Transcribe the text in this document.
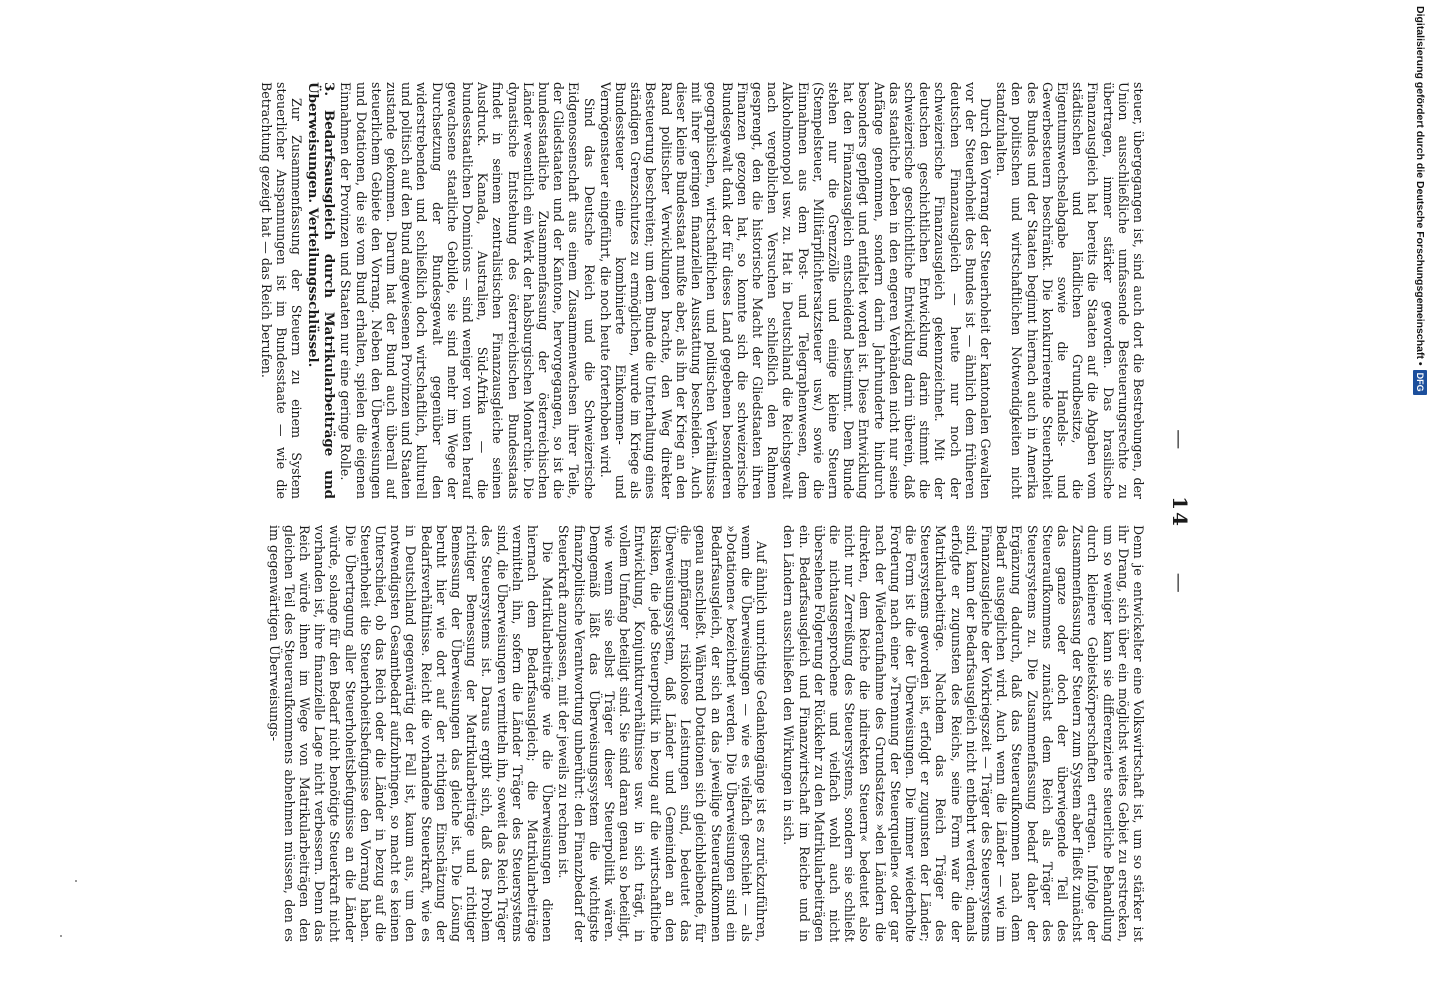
—     14     —

steuer, übergegangen ist, sind auch dort die Bestrebungen, der Union ausschließliche umfassende Besteuerungsrechte zu übertragen, immer stärker geworden. Das brasilische Finanzausgleich hat bereits die Staaten auf die Abgaben vom städtischen und ländlichen Grundbesitze, die Eigentumswechselabgabe sowie die Handels- und Gewerbesteuern beschränkt. Die konkurrierende Steuerhoheit des Bundes und der Staaten beginnt hiernach auch in Amerika den politischen und wirtschaftlichen Notwendigkeiten nicht standzuhalten.

Durch den Vorrang der Steuerhoheit der kantonalen Gewalten vor der Steuerhoheit des Bundes ist — ähnlich dem früheren deutschen Finanzausgleich — heute nur noch der schweizerische Finanzausgleich gekennzeichnet. Mit der deutschen geschichtlichen Entwicklung darin stimmt die schweizerische geschichtliche Entwicklung darin überein, daß das staatliche Leben in den engeren Verbänden nicht nur seine Anfänge genommen, sondern darin Jahrhunderte hindurch besonders gepflegt und entfaltet worden ist. Diese Entwicklung hat den Finanzausgleich entscheidend bestimmt. Dem Bunde stehen nur die Grenzzölle und einige kleine Steuern (Stempelsteuer, Militärpflichtersatzsteuer usw.) sowie die Einnahmen aus dem Post- und Telegraphenwesen, dem Alkoholmonopol usw. zu. Hat in Deutschland die Reichsgewalt nach vergeblichen Versuchen schließlich den Rahmen gesprengt, den die historische Macht der Gliedstaaten ihren Finanzen gezogen hat, so konnte sich die schweizerische Bundesgewalt dank der für dieses Land gegebenen besonderen geographischen, wirtschaftlichen und politischen Verhältnisse mit ihrer geringen finanziellen Ausstattung bescheiden. Auch dieser kleine Bundesstaat mußte aber, als ihn der Krieg an den Rand politischer Verwicklungen brachte, den Weg direkter Besteuerung beschreiten; um dem Bunde die Unterhaltung eines ständigen Grenzschutzes zu ermöglichen, wurde im Kriege als Bundessteuer eine kombinierte Einkommen- und Vermögensteuer eingeführt, die noch heute forterhoben wird.

Sind das Deutsche Reich und die Schweizerische Eidgenossenschaft aus einem Zusammenwachsen ihrer Teile, der Gliedstaaten und der Kantone, hervorgegangen, so ist die bundesstaatliche Zusammenfassung der österreichischen Länder wesentlich ein Werk der habsburgischen Monarchie. Die dynastische Entstehung des österreichischen Bundesstaats findet in seinem zentralistischen Finanzausgleiche seinen Ausdruck. Kanada, Australien, Süd-Afrika — die bundesstaatlichen Dominions — sind weniger von unten herauf gewachsene staatliche Gebilde, sie sind mehr im Wege der Durchsetzung der Bundesgewalt gegenüber den widerstrebenden und schließlich doch wirtschaftlich, kulturell und politisch auf den Bund angewiesenen Provinzen und Staaten zustande gekommen. Darum hat der Bund auch überall auf steuerlichem Gebiete den Vorrang. Neben den Überweisungen und Dotationen, die sie vom Bund erhalten, spielen die eigenen Einnahmen der Provinzen und Staaten nur eine geringe Rolle.

3. Bedarfsausgleich durch Matrikularbeiträge und Überweisungen. Verteilungsschlüssel.

Zur Zusammenfassung der Steuern zu einem System steuerlicher Anspannungen ist im Bundesstaate — wie die Betrachtung gezeigt hat — das Reich berufen.

Denn je entwickelter eine Volkswirtschaft ist, um so stärker ist ihr Drang, sich über ein möglichst weites Gebiet zu erstrecken, um so weniger kann sie differenzierte steuerliche Behandlung durch kleinere Gebietskörperschaften ertragen. Infolge der Zusammenfassung der Steuern zum System aber fließt zunächst das ganze oder doch der überwiegende Teil des Steueraufkommens zunächst dem Reich als Träger des Steuersystems zu. Die Zusammenfassung bedarf daher der Ergänzung dadurch, daß das Steueraufkommen nach dem Bedarf ausgeglichen wird. Auch wenn die Länder — wie im Finanzausgleiche der Vorkriegszeit — Träger des Steuersystems sind, kann der Bedarfsausgleich nicht entbehrt werden; damals erfolgte er zugunsten des Reichs, seine Form war die der Matrikularbeiträge. Nachdem das Reich Träger des Steuersystems geworden ist, erfolgt er zugunsten der Länder; die Form ist die der Überweisungen. Die immer wiederholte Forderung nach einer »Trennung der Steuerquellen« oder gar nach der Wiederaufnahme des Grundsatzes »den Ländern die direkten, dem Reiche die indirekten Steuern« bedeutet also nicht nur Zerreißung des Steuersystems, sondern sie schließt die nichtausgesprochene und vielfach wohl auch nicht übersehene Folgerung der Rückkehr zu den Matrikularbeiträgen ein. Bedarfsausgleich und Finanzwirtschaft im Reiche und in den Ländern ausschließen den Wirkungen in sich.

Auf ähnlich unrichtige Gedankengänge ist es zurückzuführen, wenn die Überweisungen — wie es vielfach geschieht — als »Dotationen« bezeichnet werden. Die Überweisungen sind ein Bedarfsausgleich, der sich an das jeweilige Steueraufkommen genau anschließt. Während Dotationen sich gleichbleibende, für die Empfänger risikolose Leistungen sind, bedeutet das Überweisungssystem, daß Länder und Gemeinden an den Risiken, die jede Steuerpolitik in bezug auf die wirtschaftliche Entwicklung, Konjunkturverhältnisse usw. in sich trägt, in vollem Umfang beteiligt sind. Sie sind daran genau so beteiligt, wie wenn sie selbst Träger dieser Steuerpolitik wären. Demgemäß läßt das Überweisungssystem die wichtigste finanzpolitische Verantwortung unberührt: den Finanzbedarf der Steuerkraft anzupassen, mit der jeweils zu rechnen ist.

Die Matrikularbeiträge wie die Überweisungen dienen hiernach dem Bedarfsausgleich; die Matrikularbeiträge vermitteln ihn, sofern die Länder Träger des Steuersystems sind, die Überweisungen vermitteln ihn, soweit das Reich Träger des Steuersystems ist. Daraus ergibt sich, daß das Problem richtiger Bemessung der Matrikularbeiträge und richtiger Bemessung der Überweisungen das gleiche ist. Die Lösung beruht hier wie dort auf der richtigen Einschätzung der Bedarfsverhältnisse. Reicht die vorhandene Steuerkraft, wie es in Deutschland gegenwärtig der Fall ist, kaum aus, um den notwendigsten Gesamtbedarf aufzubringen, so macht es keinen Unterschied, ob das Reich oder die Länder in bezug auf die Steuerhoheit die Steuerhoheitsbefugnisse den Vorrang haben. Die Übertragung aller Steuerhoheitsbefugnisse an die Länder würde, solange für den Bedarf nicht benötigte Steuerkraft nicht vorhanden ist, ihre finanzielle Lage nicht verbessern. Denn das Reich würde ihnen im Wege von Matrikularbeiträgen den gleichen Teil des Steueraufkommens abnehmen müssen, den es im gegenwärtigen Überweisungs-

Digitalisierung gefördert durch die Deutsche Forschungsgemeinschaft •
DFG
